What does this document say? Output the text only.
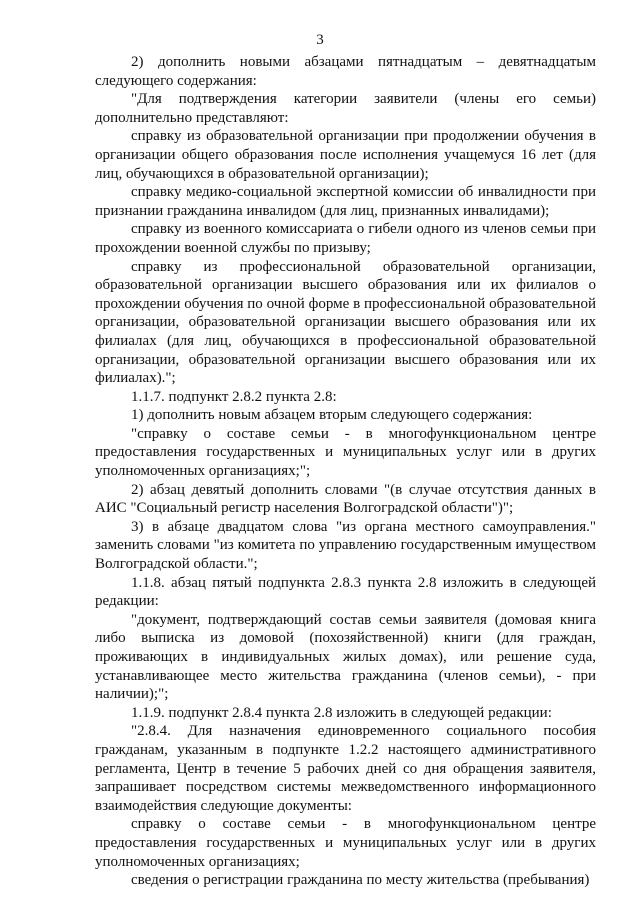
3

2) дополнить новыми абзацами пятнадцатым – девятнадцатым следующего содержания:

"Для подтверждения категории заявители (члены его семьи) дополнительно представляют:

справку из образовательной организации при продолжении обучения в организации общего образования после исполнения учащемуся 16 лет (для лиц, обучающихся в образовательной организации);

справку медико-социальной экспертной комиссии об инвалидности при признании гражданина инвалидом (для лиц, признанных инвалидами);

справку из военного комиссариата о гибели одного из членов семьи при прохождении военной службы по призыву;

справку из профессиональной образовательной организации, образовательной организации высшего образования или их филиалов о прохождении обучения по очной форме в профессиональной образовательной организации, образовательной организации высшего образования или их филиалах (для лиц, обучающихся в профессиональной образовательной организации, образовательной организации высшего образования или их филиалах).";

1.1.7. подпункт 2.8.2 пункта 2.8:

1) дополнить новым абзацем вторым следующего содержания:

"справку о составе семьи - в многофункциональном центре предоставления государственных и муниципальных услуг или в других уполномоченных организациях;";

2) абзац девятый дополнить словами "(в случае отсутствия данных в АИС "Социальный регистр населения Волгоградской области")";

3) в абзаце двадцатом слова "из органа местного самоуправления." заменить словами "из комитета по управлению государственным имуществом Волгоградской области.";

1.1.8. абзац пятый подпункта 2.8.3 пункта 2.8 изложить в следующей редакции:

"документ, подтверждающий состав семьи заявителя (домовая книга либо выписка из домовой (похозяйственной) книги (для граждан, проживающих в индивидуальных жилых домах), или решение суда, устанавливающее место жительства гражданина (членов семьи), - при наличии);";

1.1.9. подпункт 2.8.4 пункта 2.8 изложить в следующей редакции:

"2.8.4. Для назначения единовременного социального пособия гражданам, указанным в подпункте 1.2.2 настоящего административного регламента, Центр в течение 5 рабочих дней со дня обращения заявителя, запрашивает посредством системы межведомственного информационного взаимодействия следующие документы:

справку о составе семьи - в многофункциональном центре предоставления государственных и муниципальных услуг или в других уполномоченных организациях;

сведения о регистрации гражданина по месту жительства (пребывания)
